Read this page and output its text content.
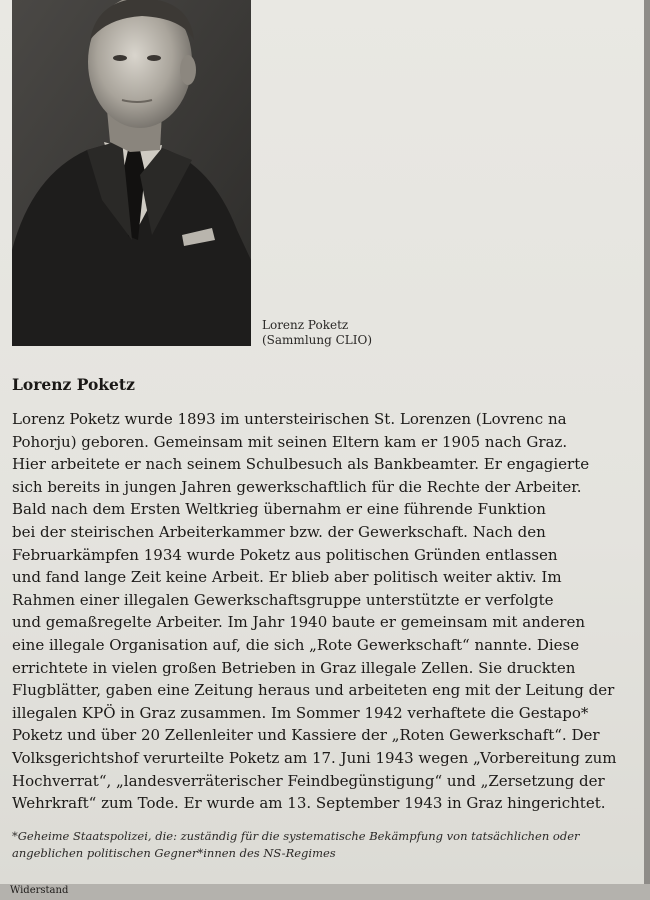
Lorenz Poketz
(Sammlung CLIO)
Lorenz Poketz
Lorenz Poketz wurde 1893 im untersteirischen St. Lorenzen (Lovrenc na
Pohorju) geboren. Gemeinsam mit seinen Eltern kam er 1905 nach Graz.
Hier arbeitete er nach seinem Schulbesuch als Bankbeamter. Er engagierte
sich bereits in jungen Jahren gewerkschaftlich für die Rechte der Arbeiter.
Bald nach dem Ersten Weltkrieg übernahm er eine führende Funktion
bei der steirischen Arbeiterkammer bzw. der Gewerkschaft. Nach den
Februarkämpfen 1934 wurde Poketz aus politischen Gründen entlassen
und fand lange Zeit keine Arbeit. Er blieb aber politisch weiter aktiv. Im
Rahmen einer illegalen Gewerkschaftsgruppe unterstützte er verfolgte
und gemaßregelte Arbeiter. Im Jahr 1940 baute er gemeinsam mit anderen
eine illegale Organisation auf, die sich „Rote Gewerkschaft“ nannte. Diese
errichtete in vielen großen Betrieben in Graz illegale Zellen. Sie druckten
Flugblätter, gaben eine Zeitung heraus und arbeiteten eng mit der Leitung der
illegalen KPÖ in Graz zusammen. Im Sommer 1942 verhaftete die Gestapo*
Poketz und über 20 Zellenleiter und Kassiere der „Roten Gewerkschaft“. Der
Volksgerichtshof verurteilte Poketz am 17. Juni 1943 wegen „Vorbereitung zum
Hochverrat“, „landesverräterischer Feindbegünstigung“ und „Zersetzung der
Wehrkraft“ zum Tode. Er wurde am 13. September 1943 in Graz hingerichtet.
*Geheime Staatspolizei, die: zuständig für die systematische Bekämpfung von tatsächlichen oder
angeblichen politischen Gegner*innen des NS-Regimes
Widerstand
